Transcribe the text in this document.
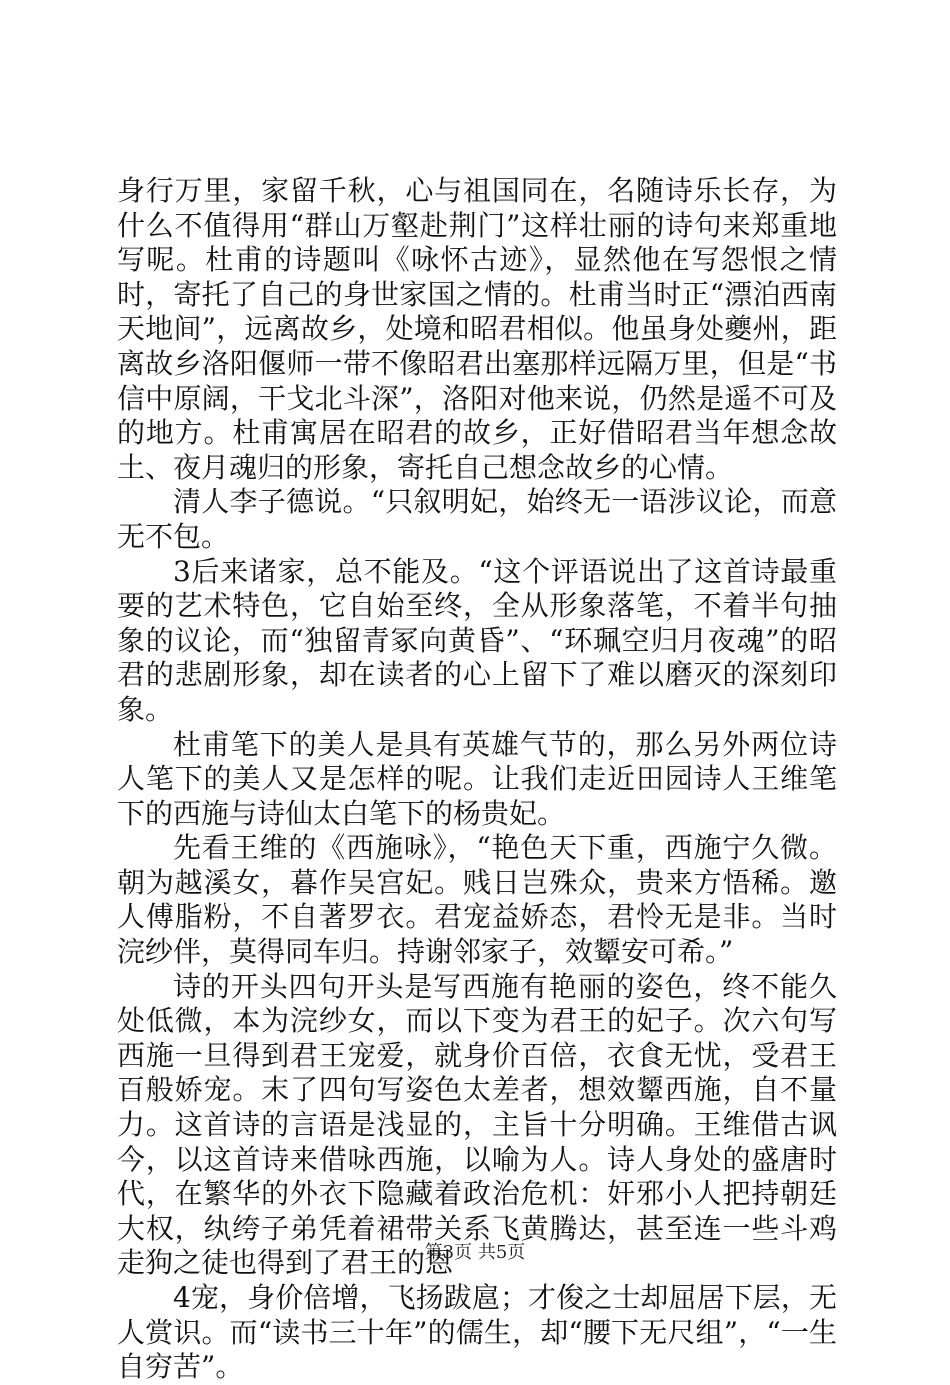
身行万里，家留千秋，心与祖国同在，名随诗乐长存，为什么不值得用“群山万壑赴荆门”这样壮丽的诗句来郑重地写呢。杜甫的诗题叫《咏怀古迹》，显然他在写怨恨之情时，寄托了自己的身世家国之情的。杜甫当时正“漂泊西南天地间”，远离故乡，处境和昭君相似。他虽身处夔州，距离故乡洛阳偃师一带不像昭君出塞那样远隔万里，但是“书信中原阔，干戈北斗深”，洛阳对他来说，仍然是遥不可及的地方。杜甫寓居在昭君的故乡，正好借昭君当年想念故土、夜月魂归的形象，寄托自己想念故乡的心情。

清人李子德说。“只叙明妃，始终无一语涉议论，而意无不包。

3后来诸家，总不能及。“这个评语说出了这首诗最重要的艺术特色，它自始至终，全从形象落笔，不着半句抽象的议论，而“独留青冢向黄昏”、“环珮空归月夜魂”的昭君的悲剧形象，却在读者的心上留下了难以磨灭的深刻印象。

杜甫笔下的美人是具有英雄气节的，那么另外两位诗人笔下的美人又是怎样的呢。让我们走近田园诗人王维笔下的西施与诗仙太白笔下的杨贵妃。

先看王维的《西施咏》，“艳色天下重，西施宁久微。朝为越溪女，暮作吴宫妃。贱日岂殊众，贵来方悟稀。邀人傅脂粉，不自著罗衣。君宠益娇态，君怜无是非。当时浣纱伴，莫得同车归。持谢邻家子，效颦安可希。”

诗的开头四句开头是写西施有艳丽的姿色，终不能久处低微，本为浣纱女，而以下变为君王的妃子。次六句写西施一旦得到君王宠爱，就身价百倍，衣食无忧，受君王百般娇宠。末了四句写姿色太差者，想效颦西施，自不量力。这首诗的言语是浅显的，主旨十分明确。王维借古讽今，以这首诗来借咏西施，以喻为人。诗人身处的盛唐时代，在繁华的外衣下隐藏着政治危机：奸邪小人把持朝廷大权，纨绔子弟凭着裙带关系飞黄腾达，甚至连一些斗鸡走狗之徒也得到了君王的恩

4宠，身价倍增，飞扬跋扈；才俊之士却屈居下层，无人赏识。而“读书三十年”的儒生，却“腰下无尺组”，“一生自穷苦”。

第3页 共5页
